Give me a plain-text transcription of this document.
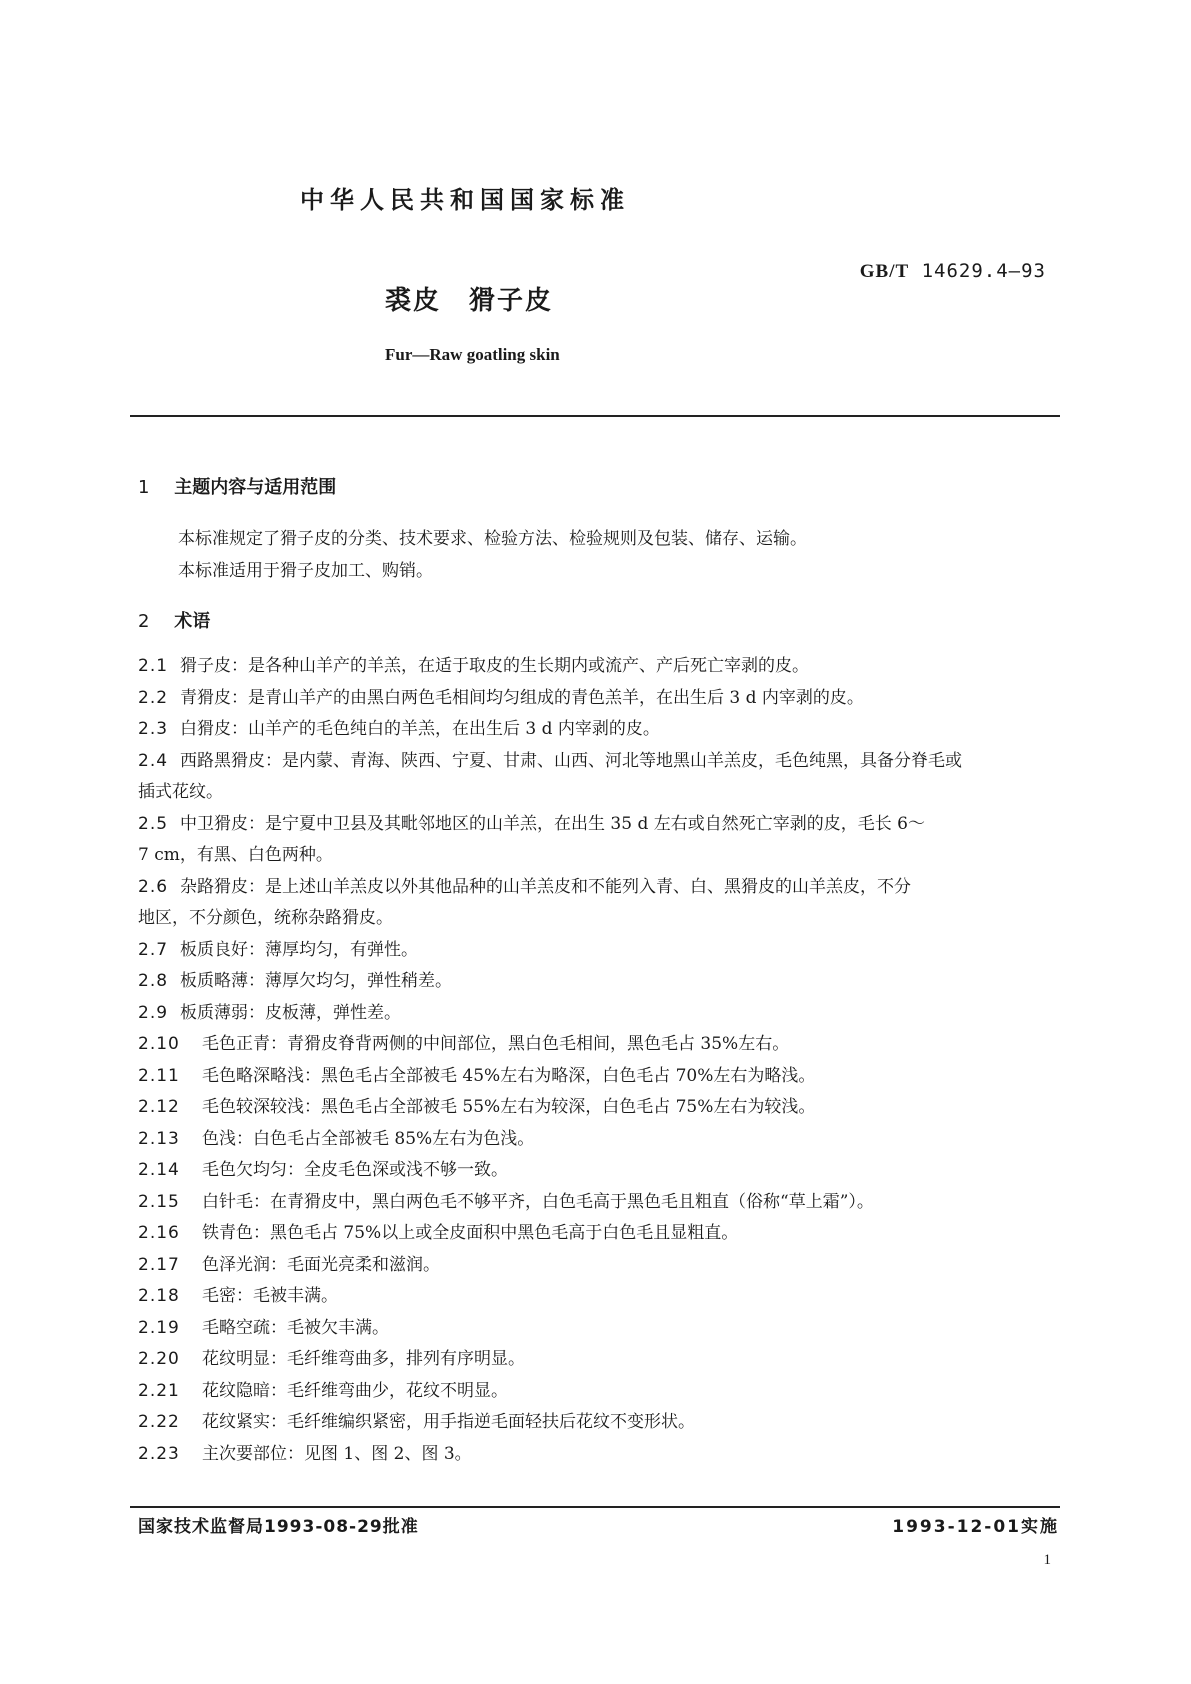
中华人民共和国国家标准
GB/T 14629.4—93
裘皮　猾子皮
Fur—Raw goatling skin
1 主题内容与适用范围
本标准规定了猾子皮的分类、技术要求、检验方法、检验规则及包装、储存、运输。
本标准适用于猾子皮加工、购销。
2 术语
2.1 猾子皮：是各种山羊产的羊羔，在适于取皮的生长期内或流产、产后死亡宰剥的皮。
2.2 青猾皮：是青山羊产的由黑白两色毛相间均匀组成的青色羔羊，在出生后 3 d 内宰剥的皮。
2.3 白猾皮：山羊产的毛色纯白的羊羔，在出生后 3 d 内宰剥的皮。
2.4 西路黑猾皮：是内蒙、青海、陕西、宁夏、甘肃、山西、河北等地黑山羊羔皮，毛色纯黑，具备分脊毛或
插式花纹。
2.5 中卫猾皮：是宁夏中卫县及其毗邻地区的山羊羔，在出生 35 d 左右或自然死亡宰剥的皮，毛长 6～
7 cm，有黑、白色两种。
2.6 杂路猾皮：是上述山羊羔皮以外其他品种的山羊羔皮和不能列入青、白、黑猾皮的山羊羔皮，不分
地区，不分颜色，统称杂路猾皮。
2.7 板质良好：薄厚均匀，有弹性。
2.8 板质略薄：薄厚欠均匀，弹性稍差。
2.9 板质薄弱：皮板薄，弹性差。
2.10 毛色正青：青猾皮脊背两侧的中间部位，黑白色毛相间，黑色毛占 35%左右。
2.11 毛色略深略浅：黑色毛占全部被毛 45%左右为略深，白色毛占 70%左右为略浅。
2.12 毛色较深较浅：黑色毛占全部被毛 55%左右为较深，白色毛占 75%左右为较浅。
2.13 色浅：白色毛占全部被毛 85%左右为色浅。
2.14 毛色欠均匀：全皮毛色深或浅不够一致。
2.15 白针毛：在青猾皮中，黑白两色毛不够平齐，白色毛高于黑色毛且粗直（俗称“草上霜”）。
2.16 铁青色：黑色毛占 75%以上或全皮面积中黑色毛高于白色毛且显粗直。
2.17 色泽光润：毛面光亮柔和滋润。
2.18 毛密：毛被丰满。
2.19 毛略空疏：毛被欠丰满。
2.20 花纹明显：毛纤维弯曲多，排列有序明显。
2.21 花纹隐暗：毛纤维弯曲少，花纹不明显。
2.22 花纹紧实：毛纤维编织紧密，用手指逆毛面轻扶后花纹不变形状。
2.23 主次要部位：见图 1、图 2、图 3。
国家技术监督局1993-08-29批准	1993-12-01实施
1
